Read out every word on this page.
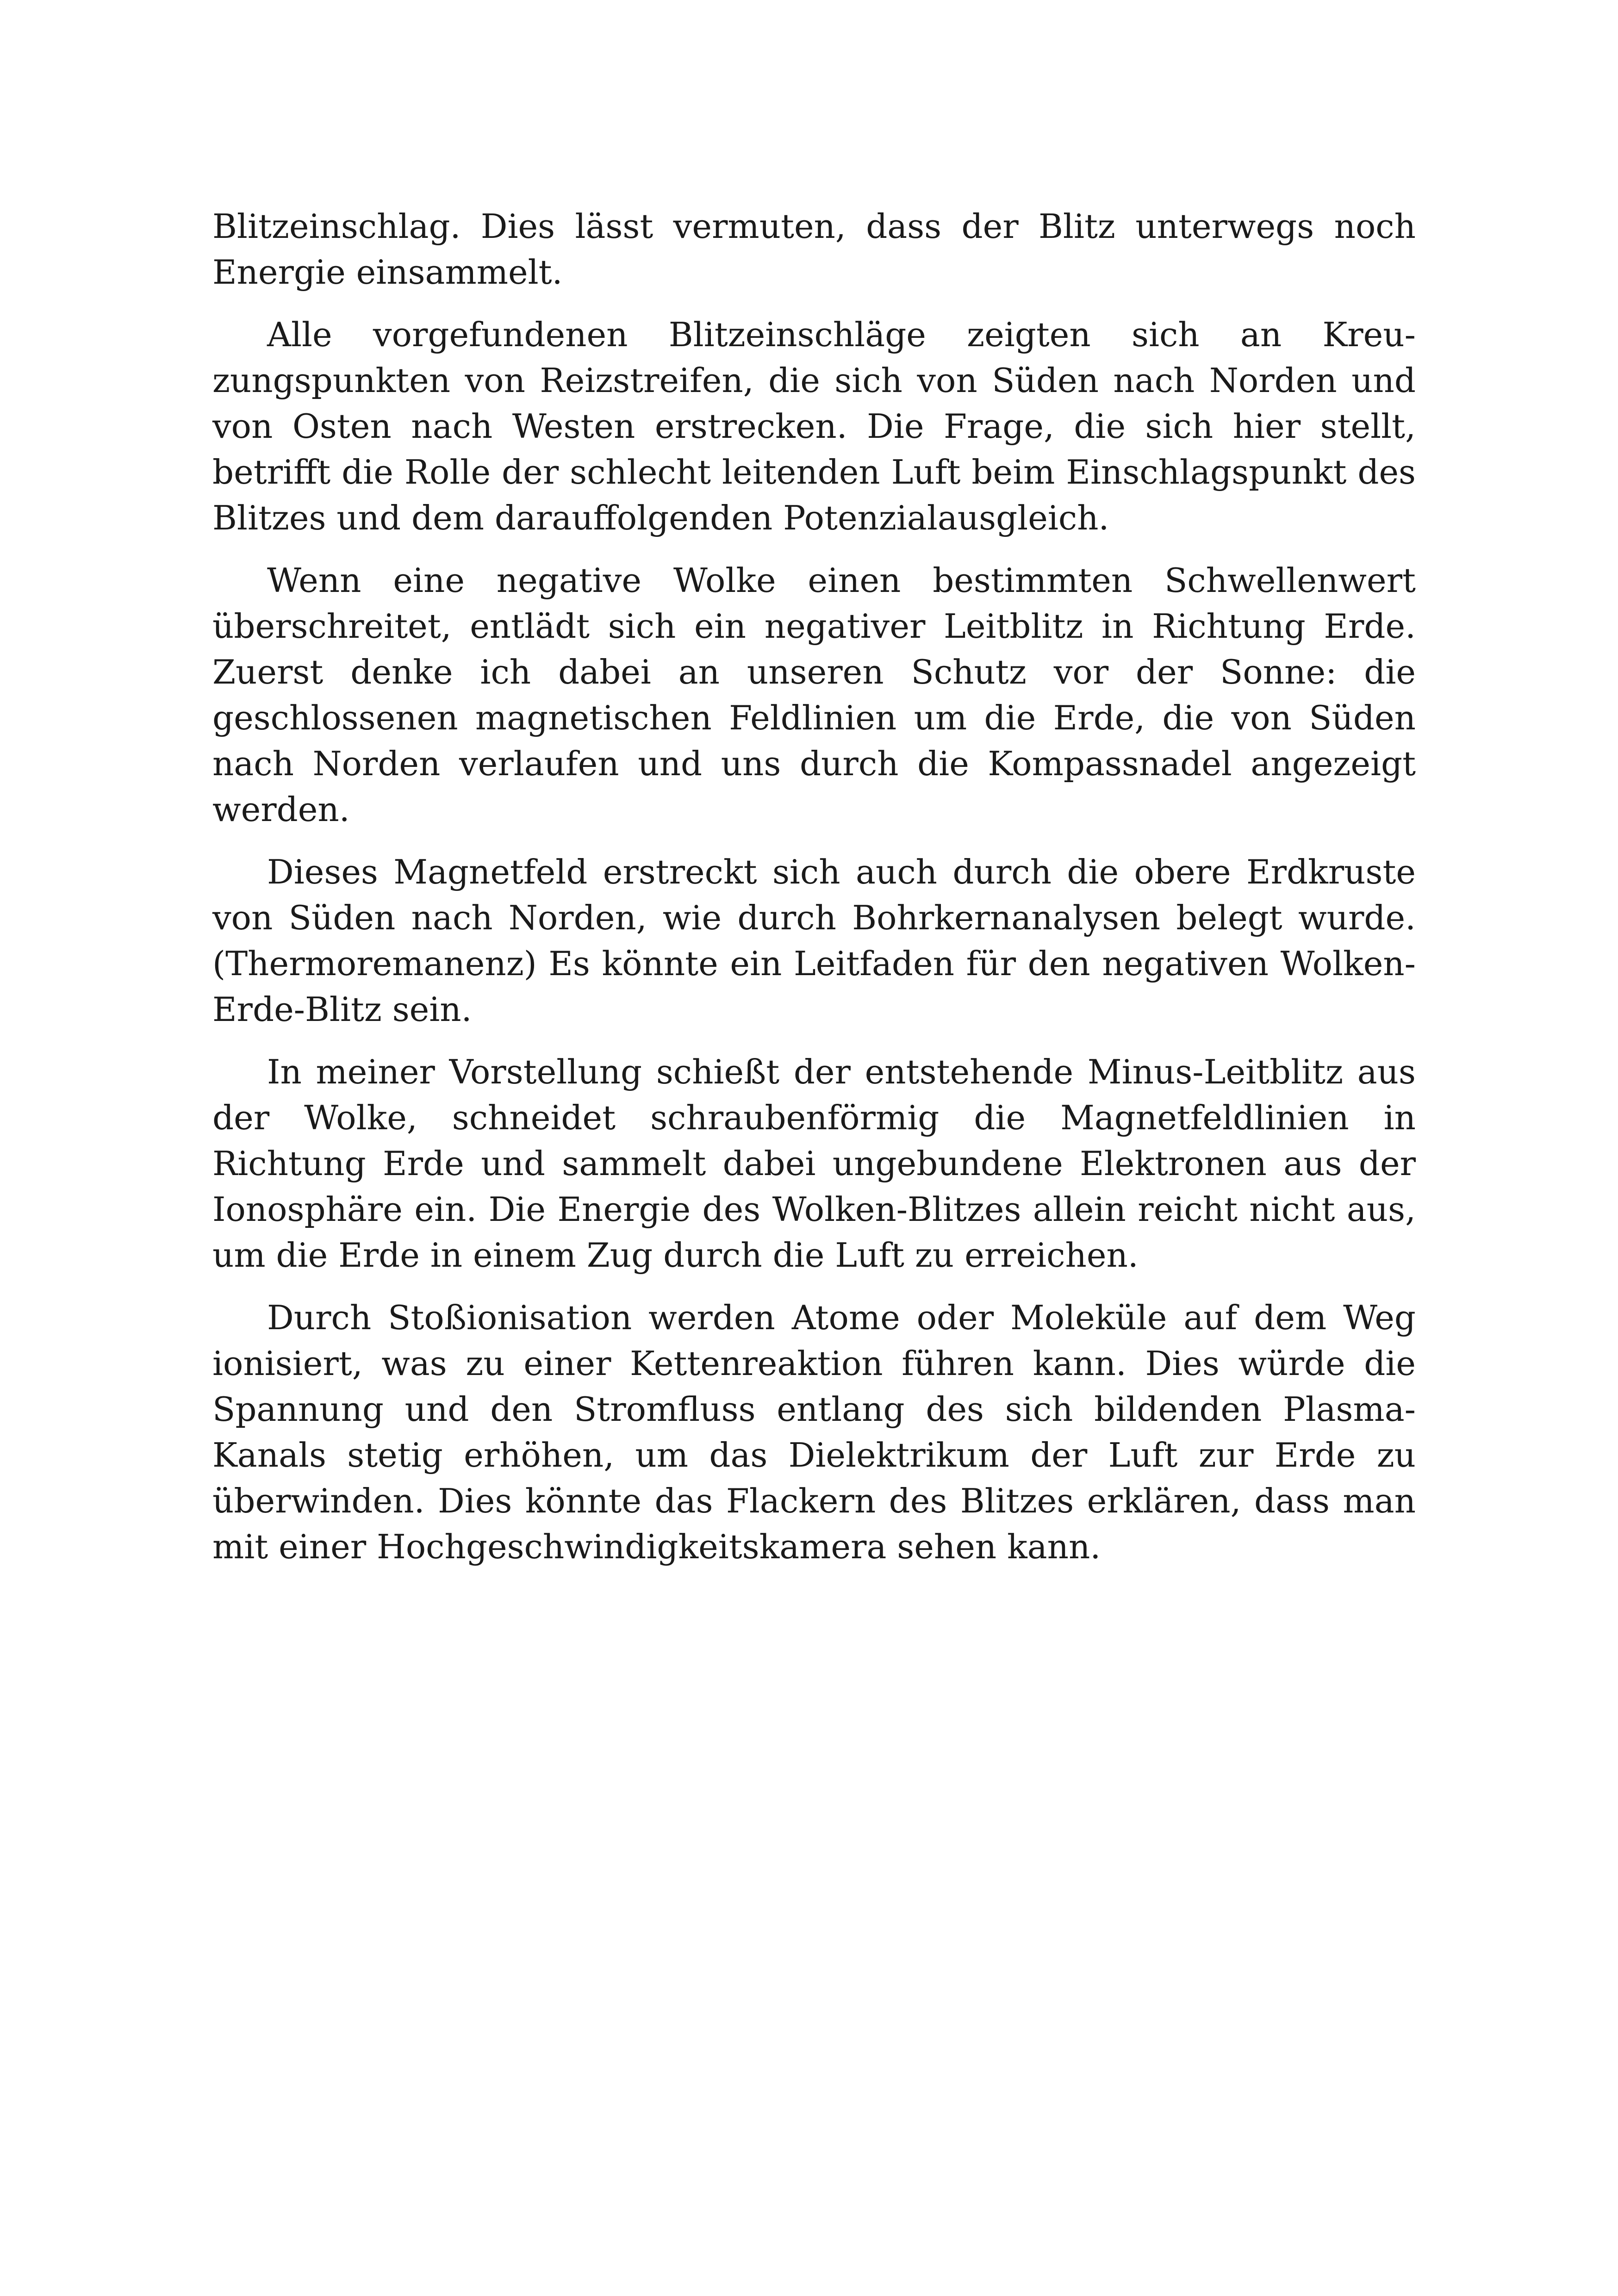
Blitzeinschlag. Dies lässt vermuten, dass der Blitz unterwegs noch Energie einsammelt.

Alle vorgefundenen Blitzeinschläge zeigten sich an Kreuzungspunkten von Reizstreifen, die sich von Süden nach Norden und von Osten nach Westen erstrecken. Die Frage, die sich hier stellt, betrifft die Rolle der schlecht leitenden Luft beim Einschlagspunkt des Blitzes und dem darauffolgenden Potenzialausgleich.

Wenn eine negative Wolke einen bestimmten Schwellenwert überschreitet, entlädt sich ein negativer Leitblitz in Richtung Erde. Zuerst denke ich dabei an unseren Schutz vor der Sonne: die geschlossenen magnetischen Feldlinien um die Erde, die von Süden nach Norden verlaufen und uns durch die Kompassnadel angezeigt werden.

Dieses Magnetfeld erstreckt sich auch durch die obere Erdkruste von Süden nach Norden, wie durch Bohrkernanalysen belegt wurde. (Thermoremanenz) Es könnte ein Leitfaden für den negativen Wolken-Erde-Blitz sein.

In meiner Vorstellung schießt der entstehende Minus-Leitblitz aus der Wolke, schneidet schraubenförmig die Magnetfeldlinien in Richtung Erde und sammelt dabei ungebundene Elektronen aus der Ionosphäre ein. Die Energie des Wolken-Blitzes allein reicht nicht aus, um die Erde in einem Zug durch die Luft zu erreichen.

Durch Stoßionisation werden Atome oder Moleküle auf dem Weg ionisiert, was zu einer Kettenreaktion führen kann. Dies würde die Spannung und den Stromfluss entlang des sich bildenden Plasma-Kanals stetig erhöhen, um das Dielektrikum der Luft zur Erde zu überwinden. Dies könnte das Flackern des Blitzes erklären, dass man mit einer Hochgeschwindigkeitskamera sehen kann.
